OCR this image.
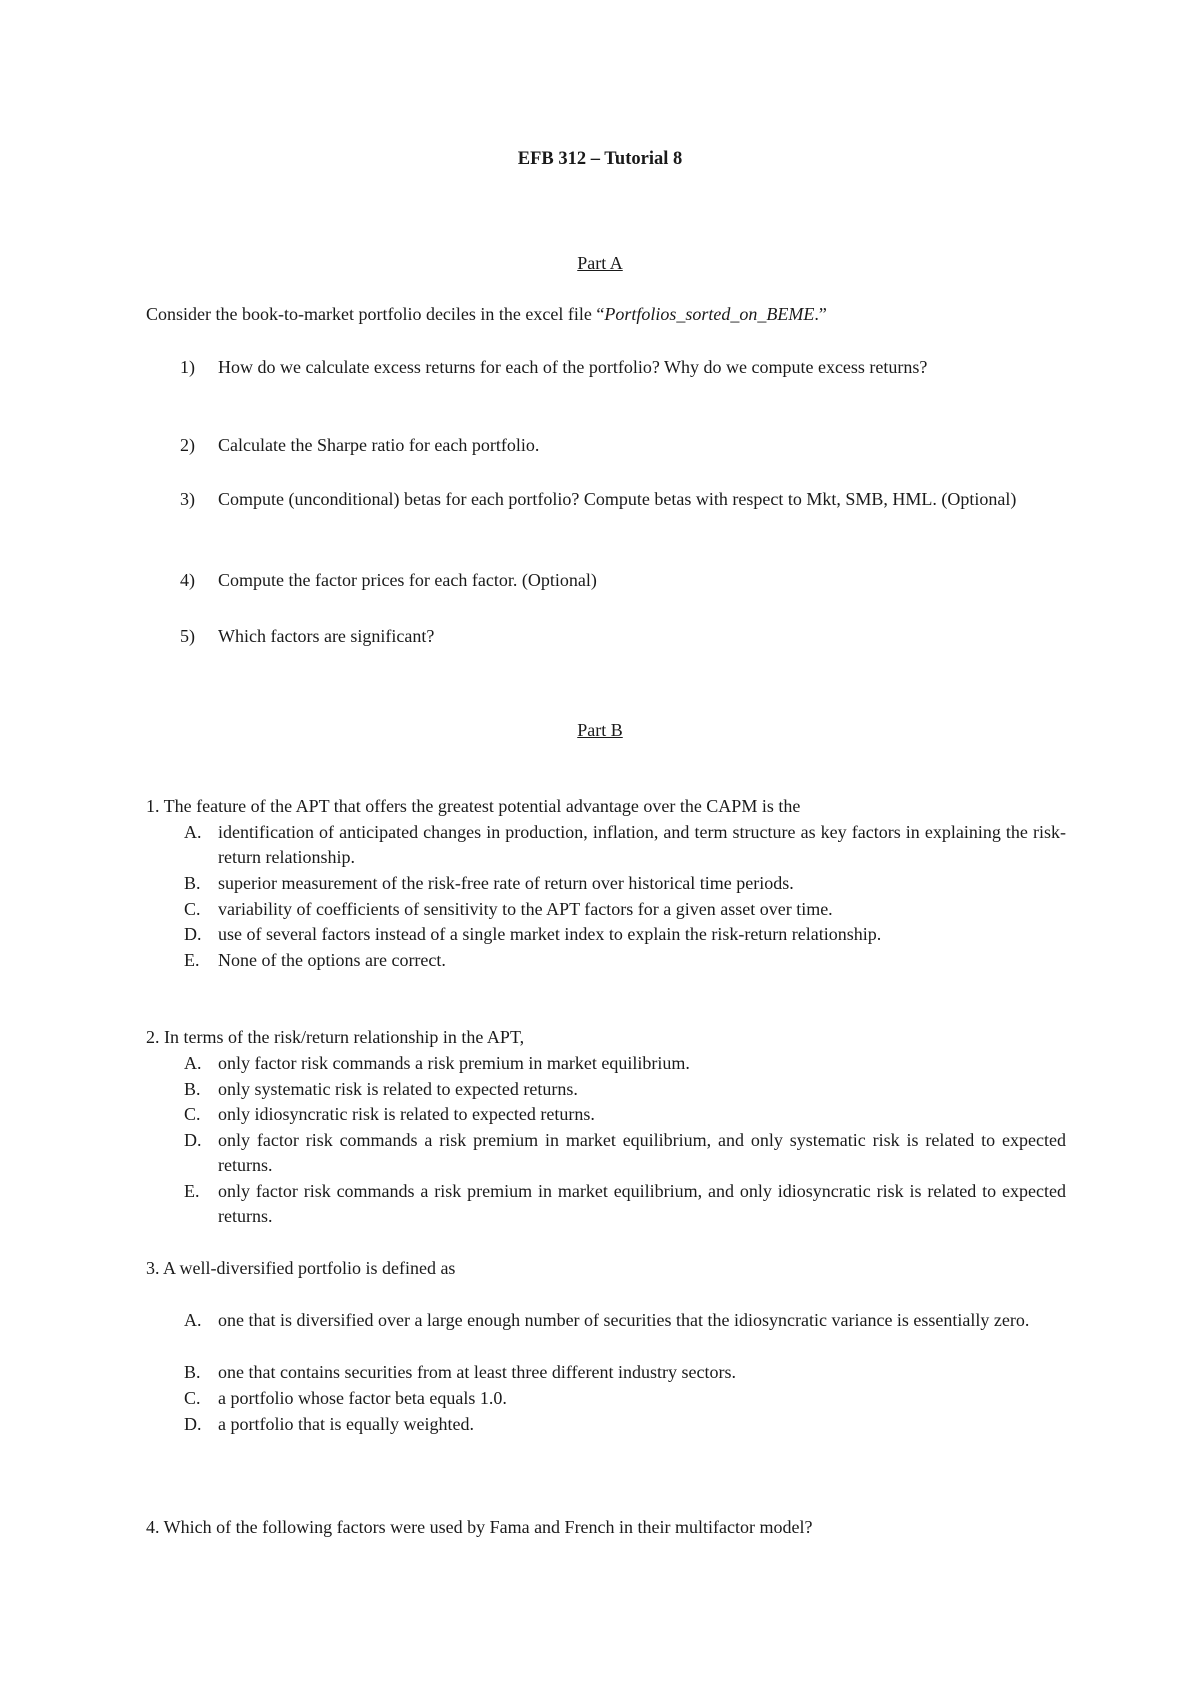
EFB 312 – Tutorial 8
Part A
Consider the book-to-market portfolio deciles in the excel file “Portfolios_sorted_on_BEME.”
1) How do we calculate excess returns for each of the portfolio? Why do we compute excess returns?
2) Calculate the Sharpe ratio for each portfolio.
3) Compute (unconditional) betas for each portfolio? Compute betas with respect to Mkt, SMB, HML. (Optional)
4) Compute the factor prices for each factor. (Optional)
5) Which factors are significant?
Part B
1. The feature of the APT that offers the greatest potential advantage over the CAPM is the
A. identification of anticipated changes in production, inflation, and term structure as key factors in explaining the risk-return relationship.
B. superior measurement of the risk-free rate of return over historical time periods.
C. variability of coefficients of sensitivity to the APT factors for a given asset over time.
D. use of several factors instead of a single market index to explain the risk-return relationship.
E. None of the options are correct.
2. In terms of the risk/return relationship in the APT,
A. only factor risk commands a risk premium in market equilibrium.
B. only systematic risk is related to expected returns.
C. only idiosyncratic risk is related to expected returns.
D. only factor risk commands a risk premium in market equilibrium, and only systematic risk is related to expected returns.
E. only factor risk commands a risk premium in market equilibrium, and only idiosyncratic risk is related to expected returns.
3. A well-diversified portfolio is defined as
A. one that is diversified over a large enough number of securities that the idiosyncratic variance is essentially zero.
B. one that contains securities from at least three different industry sectors.
C. a portfolio whose factor beta equals 1.0.
D. a portfolio that is equally weighted.
4. Which of the following factors were used by Fama and French in their multifactor model?
